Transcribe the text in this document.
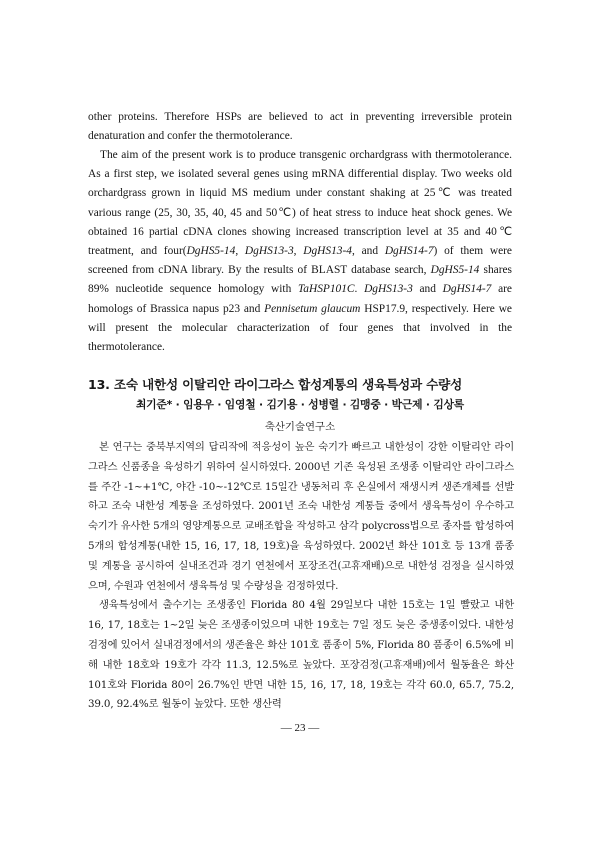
other proteins. Therefore HSPs are believed to act in preventing irreversible protein denaturation and confer the thermotolerance.

The aim of the present work is to produce transgenic orchardgrass with thermotolerance. As a first step, we isolated several genes using mRNA differential display. Two weeks old orchardgrass grown in liquid MS medium under constant shaking at 25℃ was treated various range (25, 30, 35, 40, 45 and 50℃) of heat stress to induce heat shock genes. We obtained 16 partial cDNA clones showing increased transcription level at 35 and 40℃ treatment, and four(DgHS5-14, DgHS13-3, DgHS13-4, and DgHS14-7) of them were screened from cDNA library. By the results of BLAST database search, DgHS5-14 shares 89% nucleotide sequence homology with TaHSP101C. DgHS13-3 and DgHS14-7 are homologs of Brassica napus p23 and Pennisetum glaucum HSP17.9, respectively. Here we will present the molecular characterization of four genes that involved in the thermotolerance.

13. 조숙 내한성 이탈리안 라이그라스 합성계통의 생육특성과 수량성

최기준* · 임용우 · 임영철 · 김기용 · 성병렬 · 김맹중 · 박근제 · 김상록

축산기술연구소

본 연구는 중북부지역의 답리작에 적응성이 높은 숙기가 빠르고 내한성이 강한 이탈리안 라이그라스 신품종을 육성하기 위하여 실시하였다. 2000년 기존 육성된 조생종 이탈리안 라이그라스를 주간 -1~+1℃, 야간 -10~-12℃로 15일간 냉동처리 후 온실에서 재생시켜 생존개체를 선발하고 조숙 내한성 계통을 조성하였다. 2001년 조숙 내한성 계통들 중에서 생육특성이 우수하고 숙기가 유사한 5개의 영양계통으로 교배조합을 작성하고 삼각 polycross법으로 종자를 합성하여 5개의 합성계통(내한 15, 16, 17, 18, 19호)을 육성하였다. 2002년 화산 101호 등 13개 품종 및 계통을 공시하여 실내조건과 경기 연천에서 포장조건(고휴재배)으로 내한성 검정을 실시하였으며, 수원과 연천에서 생육특성 및 수량성을 검정하였다.

생육특성에서 출수기는 조생종인 Florida 80 4월 29일보다 내한 15호는 1일 빨랐고 내한 16, 17, 18호는 1~2일 늦은 조생종이었으며 내한 19호는 7일 정도 늦은 중생종이었다. 내한성 검정에 있어서 실내검정에서의 생존율은 화산 101호 품종이 5%, Florida 80 품종이 6.5%에 비해 내한 18호와 19호가 각각 11.3, 12.5%로 높았다. 포장검정(고휴재배)에서 월동율은 화산 101호와 Florida 80이 26.7%인 반면 내한 15, 16, 17, 18, 19호는 각각 60.0, 65.7, 75.2, 39.0, 92.4%로 월동이 높았다. 또한 생산력

— 23 —
